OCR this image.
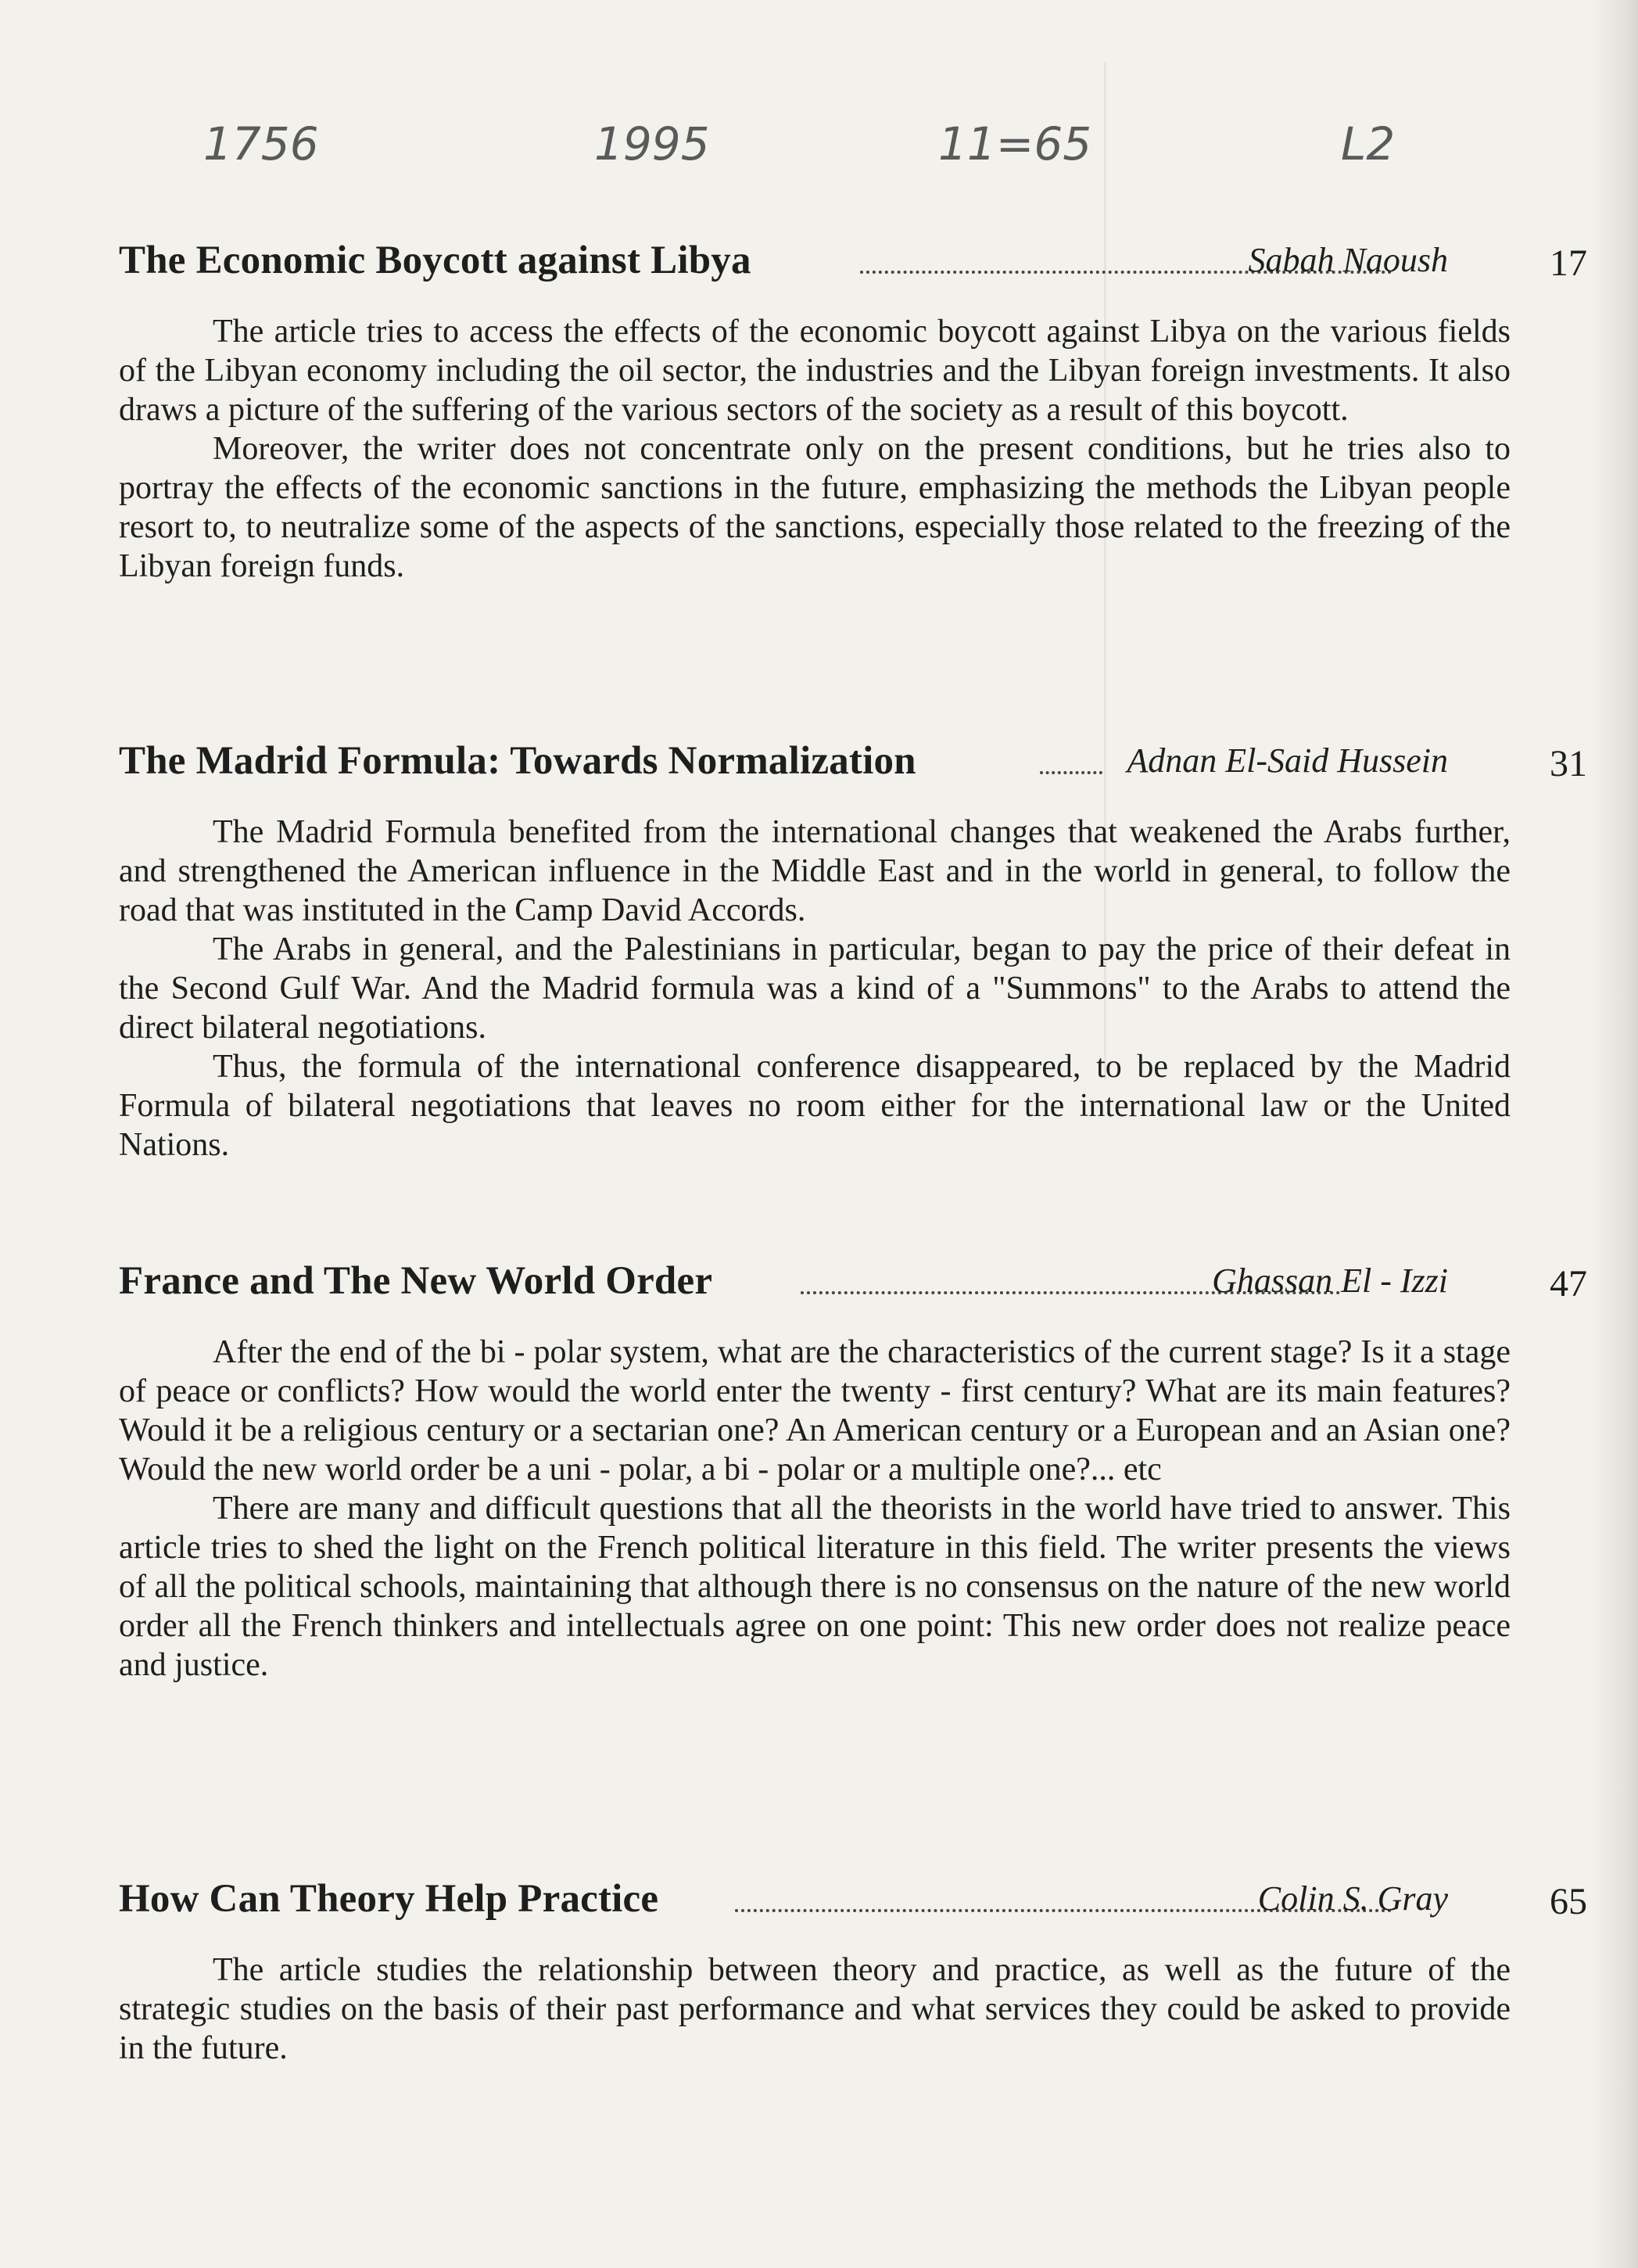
1756	1995	11=65	L2
The Economic Boycott against Libya	Sabah Naoush	17

The article tries to access the effects of the economic boycott against Libya on the various fields of the Libyan economy including the oil sector, the industries and the Libyan foreign investments. It also draws a picture of the suffering of the various sectors of the society as a result of this boycott.

Moreover, the writer does not concentrate only on the present conditions, but he tries also to portray the effects of the economic sanctions in the future, emphasizing the methods the Libyan people resort to, to neutralize some of the aspects of the sanctions, especially those related to the freezing of the Libyan foreign funds.

The Madrid Formula: Towards Normalization	Adnan El-Said Hussein	31

The Madrid Formula benefited from the international changes that weakened the Arabs further, and strengthened the American influence in the Middle East and in the world in general, to follow the road that was instituted in the Camp David Accords.

The Arabs in general, and the Palestinians in particular, began to pay the price of their defeat in the Second Gulf War. And the Madrid formula was a kind of a "Summons" to the Arabs to attend the direct bilateral negotiations.

Thus, the formula of the international conference disappeared, to be replaced by the Madrid Formula of bilateral negotiations that leaves no room either for the international law or the United Nations.

France and The New World Order	Ghassan El - Izzi	47

After the end of the bi - polar system, what are the characteristics of the current stage? Is it a stage of peace or conflicts? How would the world enter the twenty - first century? What are its main features? Would it be a religious century or a sectarian one? An American century or a European and an Asian one? Would the new world order be a uni - polar, a bi - polar or a multiple one?... etc

There are many and difficult questions that all the theorists in the world have tried to answer. This article tries to shed the light on the French political literature in this field. The writer presents the views of all the political schools, maintaining that although there is no consensus on the nature of the new world order all the French thinkers and intellectuals agree on one point: This new order does not realize peace and justice.

How Can Theory Help Practice	Colin S. Gray	65

The article studies the relationship between theory and practice, as well as the future of the strategic studies on the basis of their past performance and what services they could be asked to provide in the future.
